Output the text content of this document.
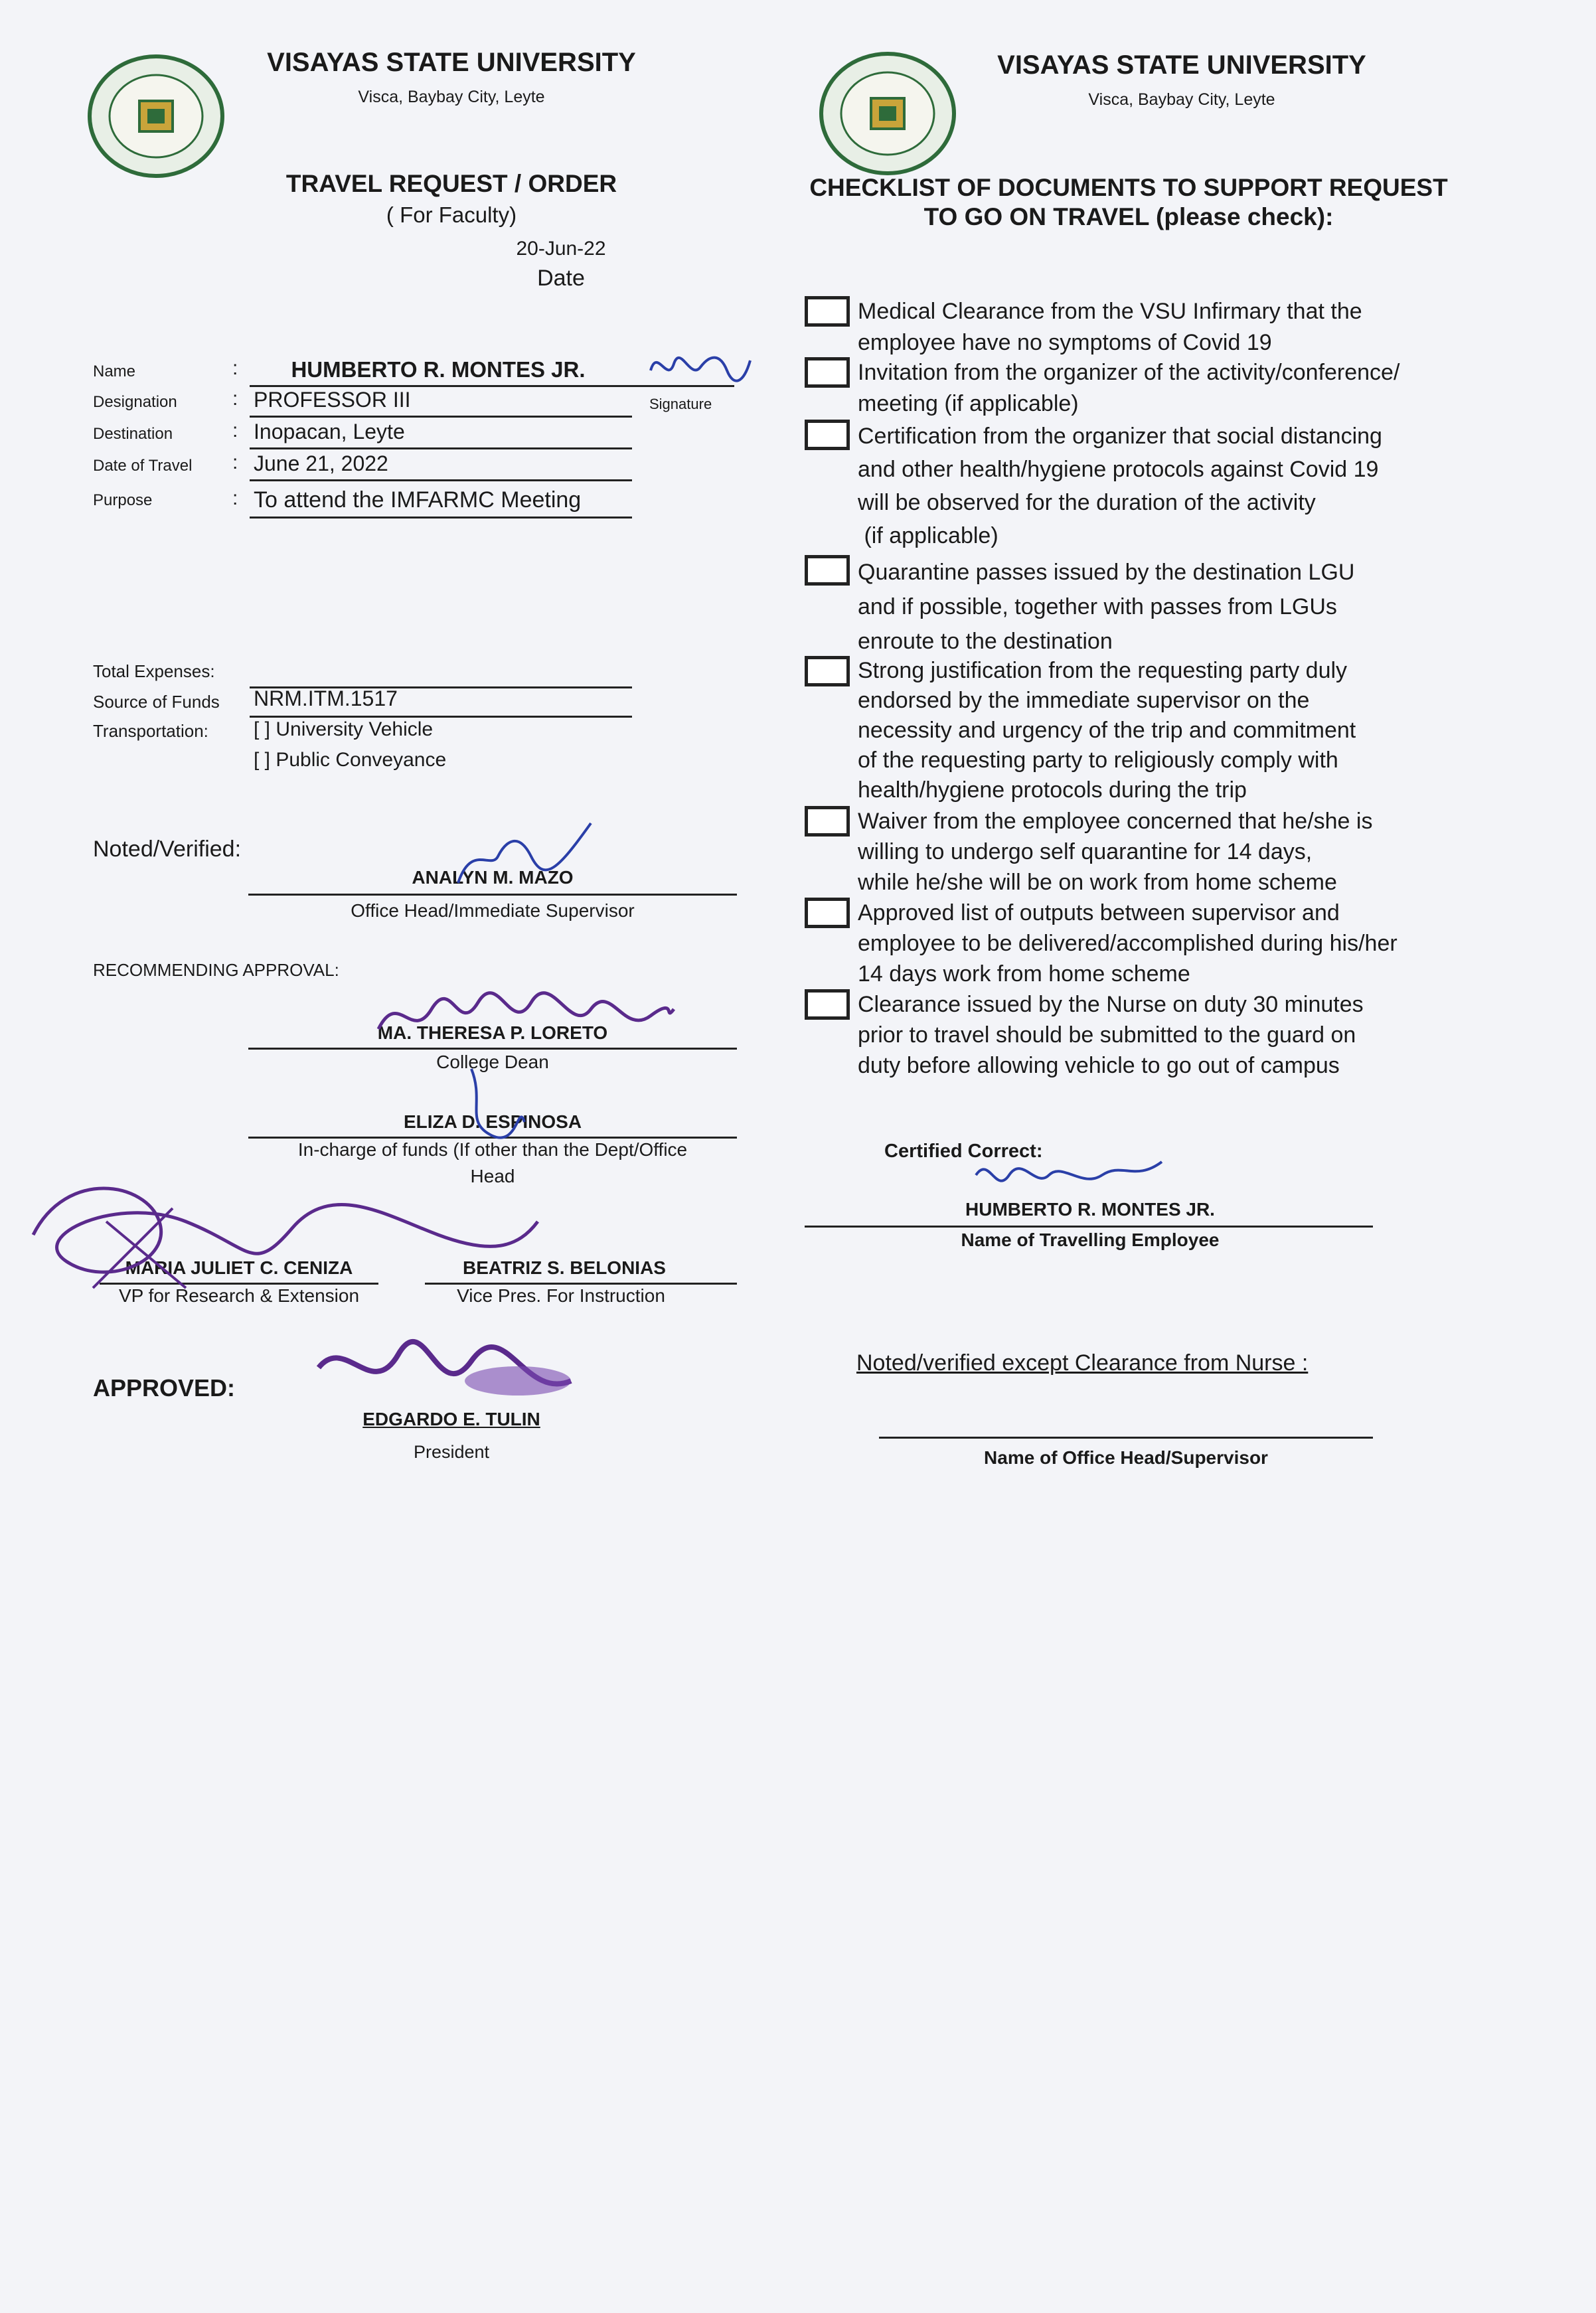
VISAYAS STATE UNIVERSITY
Visca, Baybay City, Leyte
TRAVEL REQUEST / ORDER
( For Faculty)
20-Jun-22
Date
Name	:	HUMBERTO R. MONTES JR.
Signature
Designation	: PROFESSOR III
Destination	: Inopacan, Leyte
Date of Travel : June 21, 2022
Purpose	: To attend the IMFARMC Meeting
Total Expenses:
Source of Funds NRM.ITM.1517
Transportation: [ ] University Vehicle
[ ] Public Conveyance
Noted/Verified:
ANALYN M. MAZO
Office Head/Immediate Supervisor
RECOMMENDING APPROVAL:
MA. THERESA P. LORETO
College Dean
ELIZA D. ESPINOSA
In-charge of funds (If other than the Dept/Office
Head
MARIA JULIET C. CENIZA
VP for Research & Extension
BEATRIZ S. BELONIAS
Vice Pres. For Instruction
APPROVED:
EDGARDO E. TULIN
President
VISAYAS STATE UNIVERSITY
Visca, Baybay City, Leyte
CHECKLIST OF DOCUMENTS TO SUPPORT REQUEST
TO GO ON TRAVEL (please check):
Medical Clearance from the VSU Infirmary that the
employee have no symptoms of Covid 19
Invitation from the organizer of the activity/conference/
meeting (if applicable)
Certification from the organizer that social distancing
and other health/hygiene protocols against Covid 19
will be observed for the duration of the activity
(if applicable)
Quarantine passes issued by the destination LGU
and if possible, together with passes from LGUs
enroute to the destination
Strong justification from the requesting party duly
endorsed by the immediate supervisor on the
necessity and urgency of the trip and commitment
of the requesting party to religiously comply with
health/hygiene protocols during the trip
Waiver from the employee concerned that he/she is
willing to undergo self quarantine for 14 days,
while he/she will be on work from home scheme
Approved list of outputs between supervisor and
employee to be delivered/accomplished during his/her
14 days work from home scheme
Clearance issued by the Nurse on duty 30 minutes
prior to travel should be submitted to the guard on
duty before allowing vehicle to go out of campus
Certified Correct:
HUMBERTO R. MONTES JR.
Name of Travelling Employee
Noted/verified except Clearance from Nurse :
Name of Office Head/Supervisor
